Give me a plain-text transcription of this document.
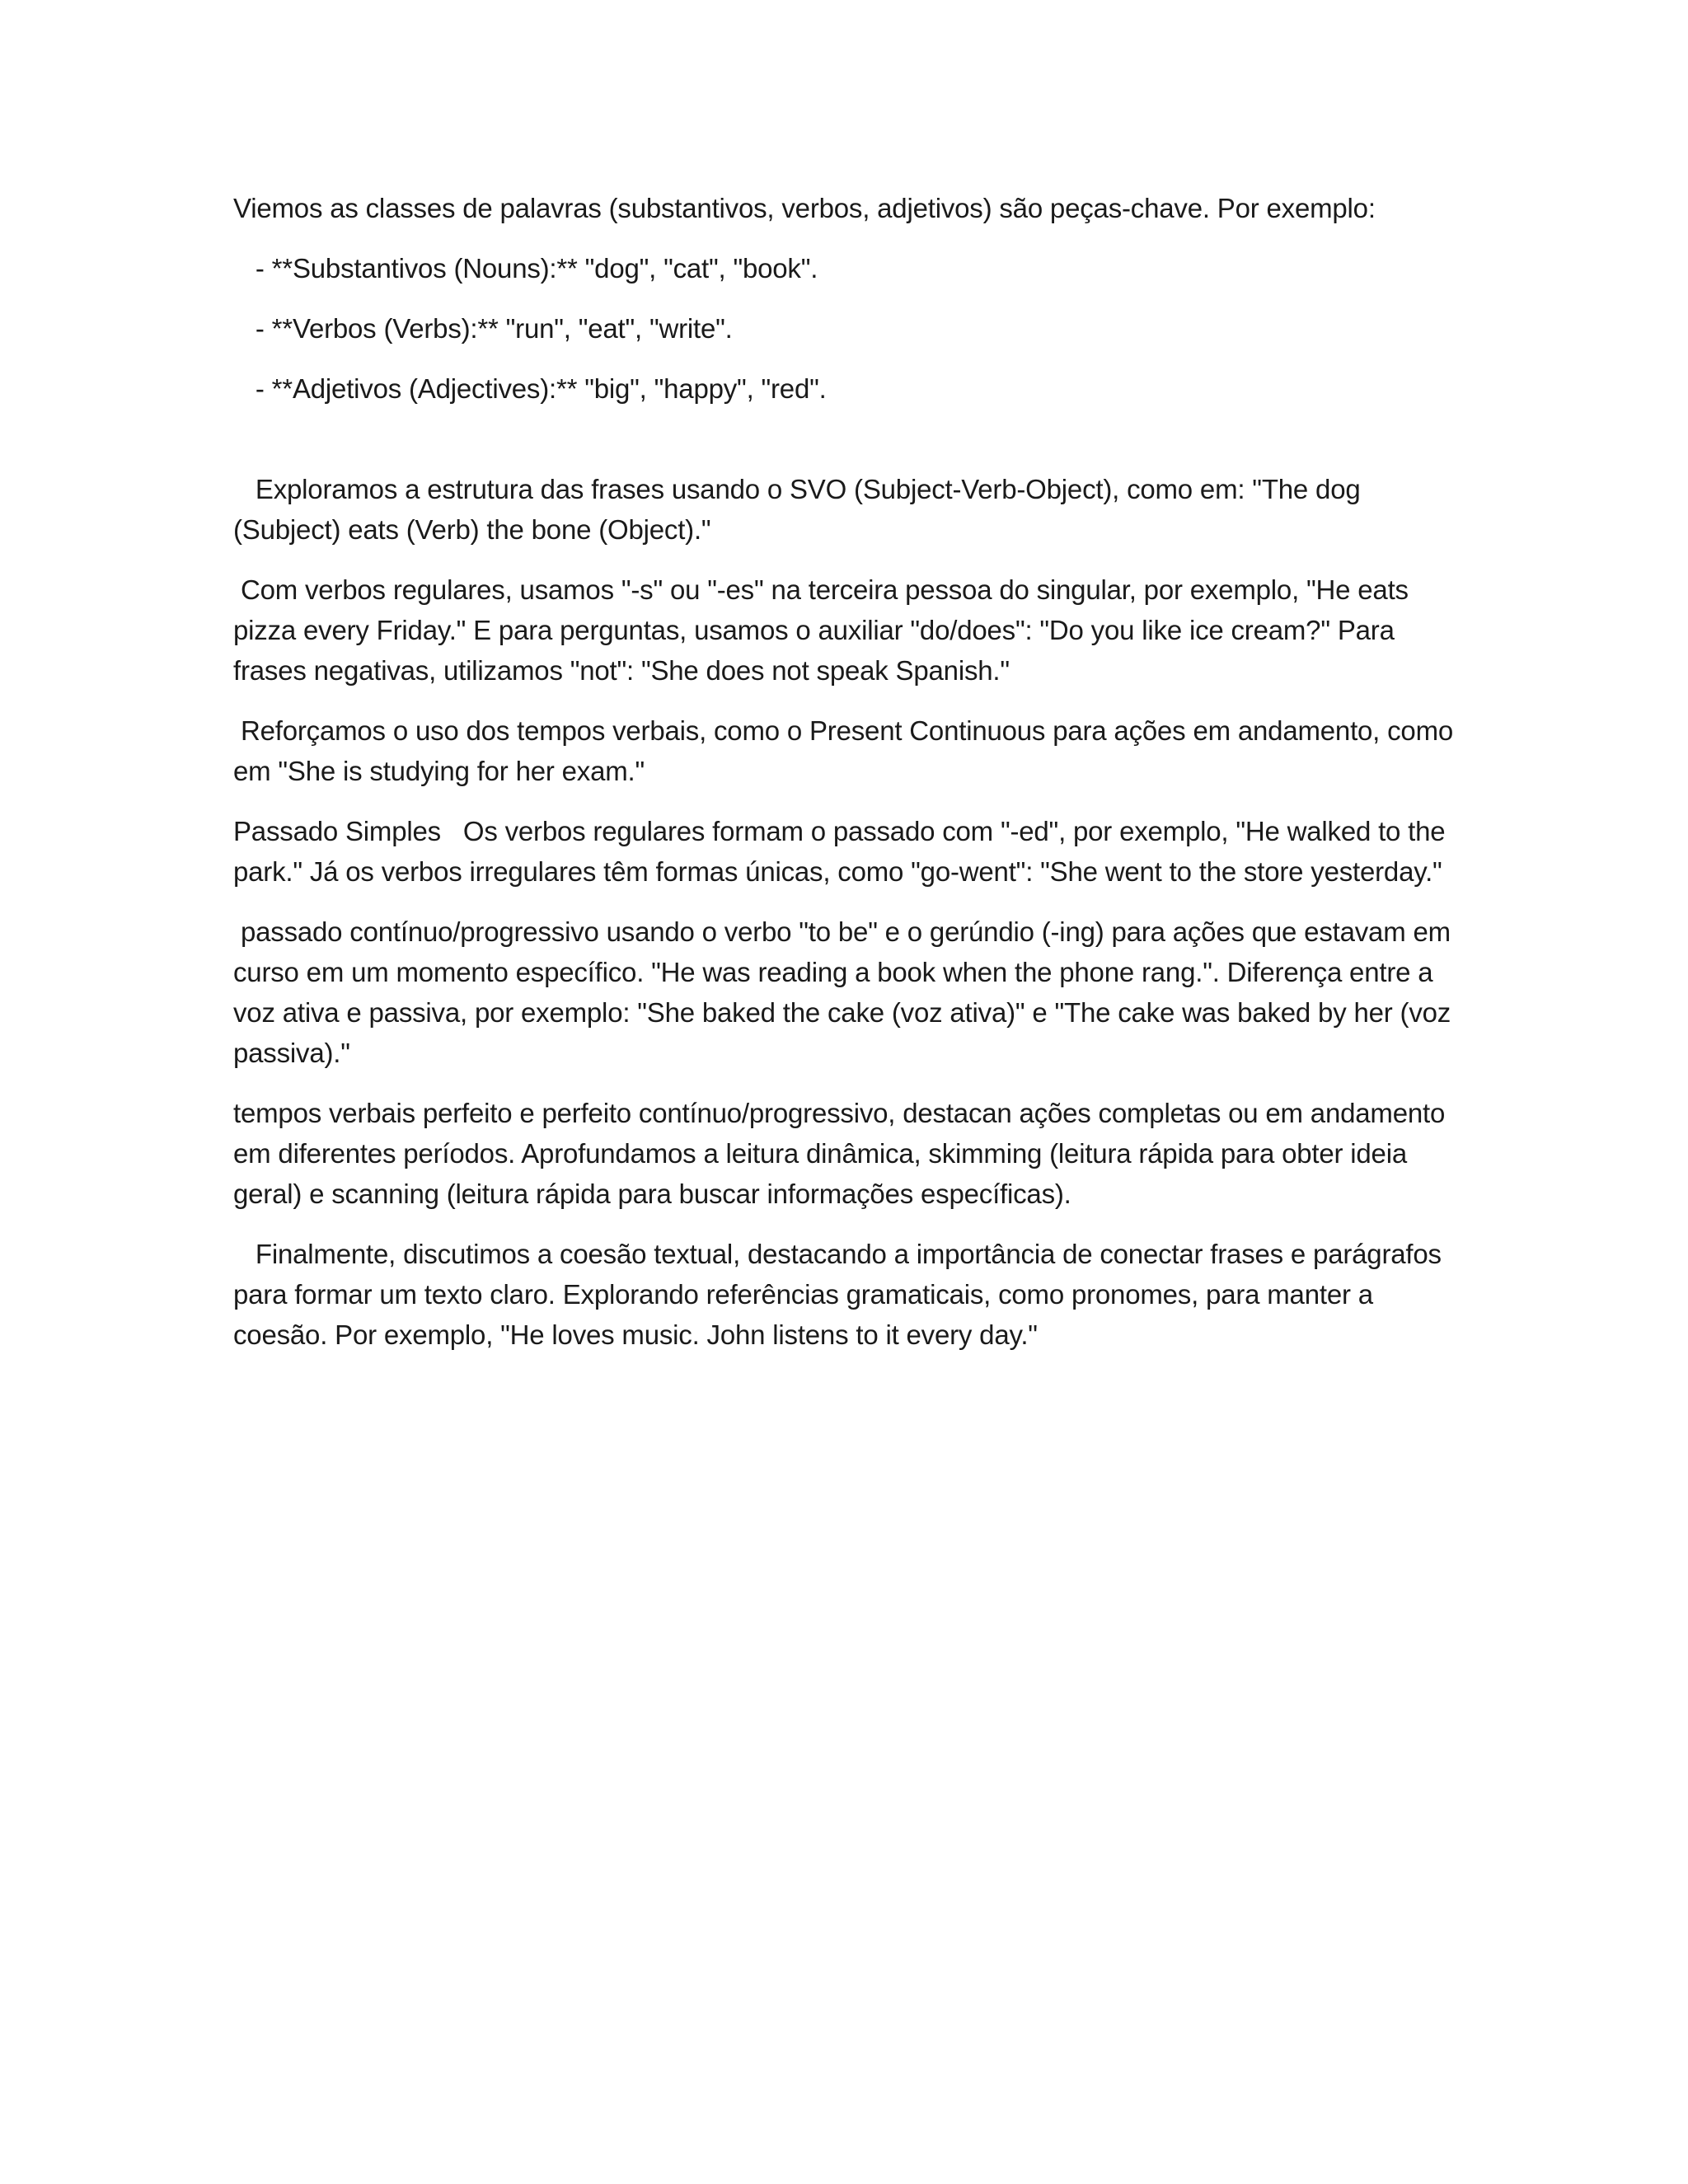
Viemos as classes de palavras (substantivos, verbos, adjetivos) são peças-chave. Por exemplo:

- **Substantivos (Nouns):** "dog", "cat", "book".

- **Verbos (Verbs):** "run", "eat", "write".

- **Adjetivos (Adjectives):** "big", "happy", "red".

Exploramos a estrutura das frases usando o SVO (Subject-Verb-Object), como em: "The dog (Subject) eats (Verb) the bone (Object)."

Com verbos regulares, usamos "-s" ou "-es" na terceira pessoa do singular, por exemplo, "He eats pizza every Friday." E para perguntas, usamos o auxiliar "do/does": "Do you like ice cream?" Para frases negativas, utilizamos "not": "She does not speak Spanish."

Reforçamos o uso dos tempos verbais, como o Present Continuous para ações em andamento, como em "She is studying for her exam."

Passado Simples   Os verbos regulares formam o passado com "-ed", por exemplo, "He walked to the park." Já os verbos irregulares têm formas únicas, como "go-went": "She went to the store yesterday."

passado contínuo/progressivo usando o verbo "to be" e o gerúndio (-ing) para ações que estavam em curso em um momento específico. "He was reading a book when the phone rang.". Diferença entre a voz ativa e passiva, por exemplo: "She baked the cake (voz ativa)" e "The cake was baked by her (voz passiva)."

tempos verbais perfeito e perfeito contínuo/progressivo, destacan ações completas ou em andamento em diferentes períodos. Aprofundamos a leitura dinâmica, skimming (leitura rápida para obter ideia geral) e scanning (leitura rápida para buscar informações específicas).

Finalmente, discutimos a coesão textual, destacando a importância de conectar frases e parágrafos para formar um texto claro. Explorando referências gramaticais, como pronomes, para manter a coesão. Por exemplo, "He loves music. John listens to it every day."
